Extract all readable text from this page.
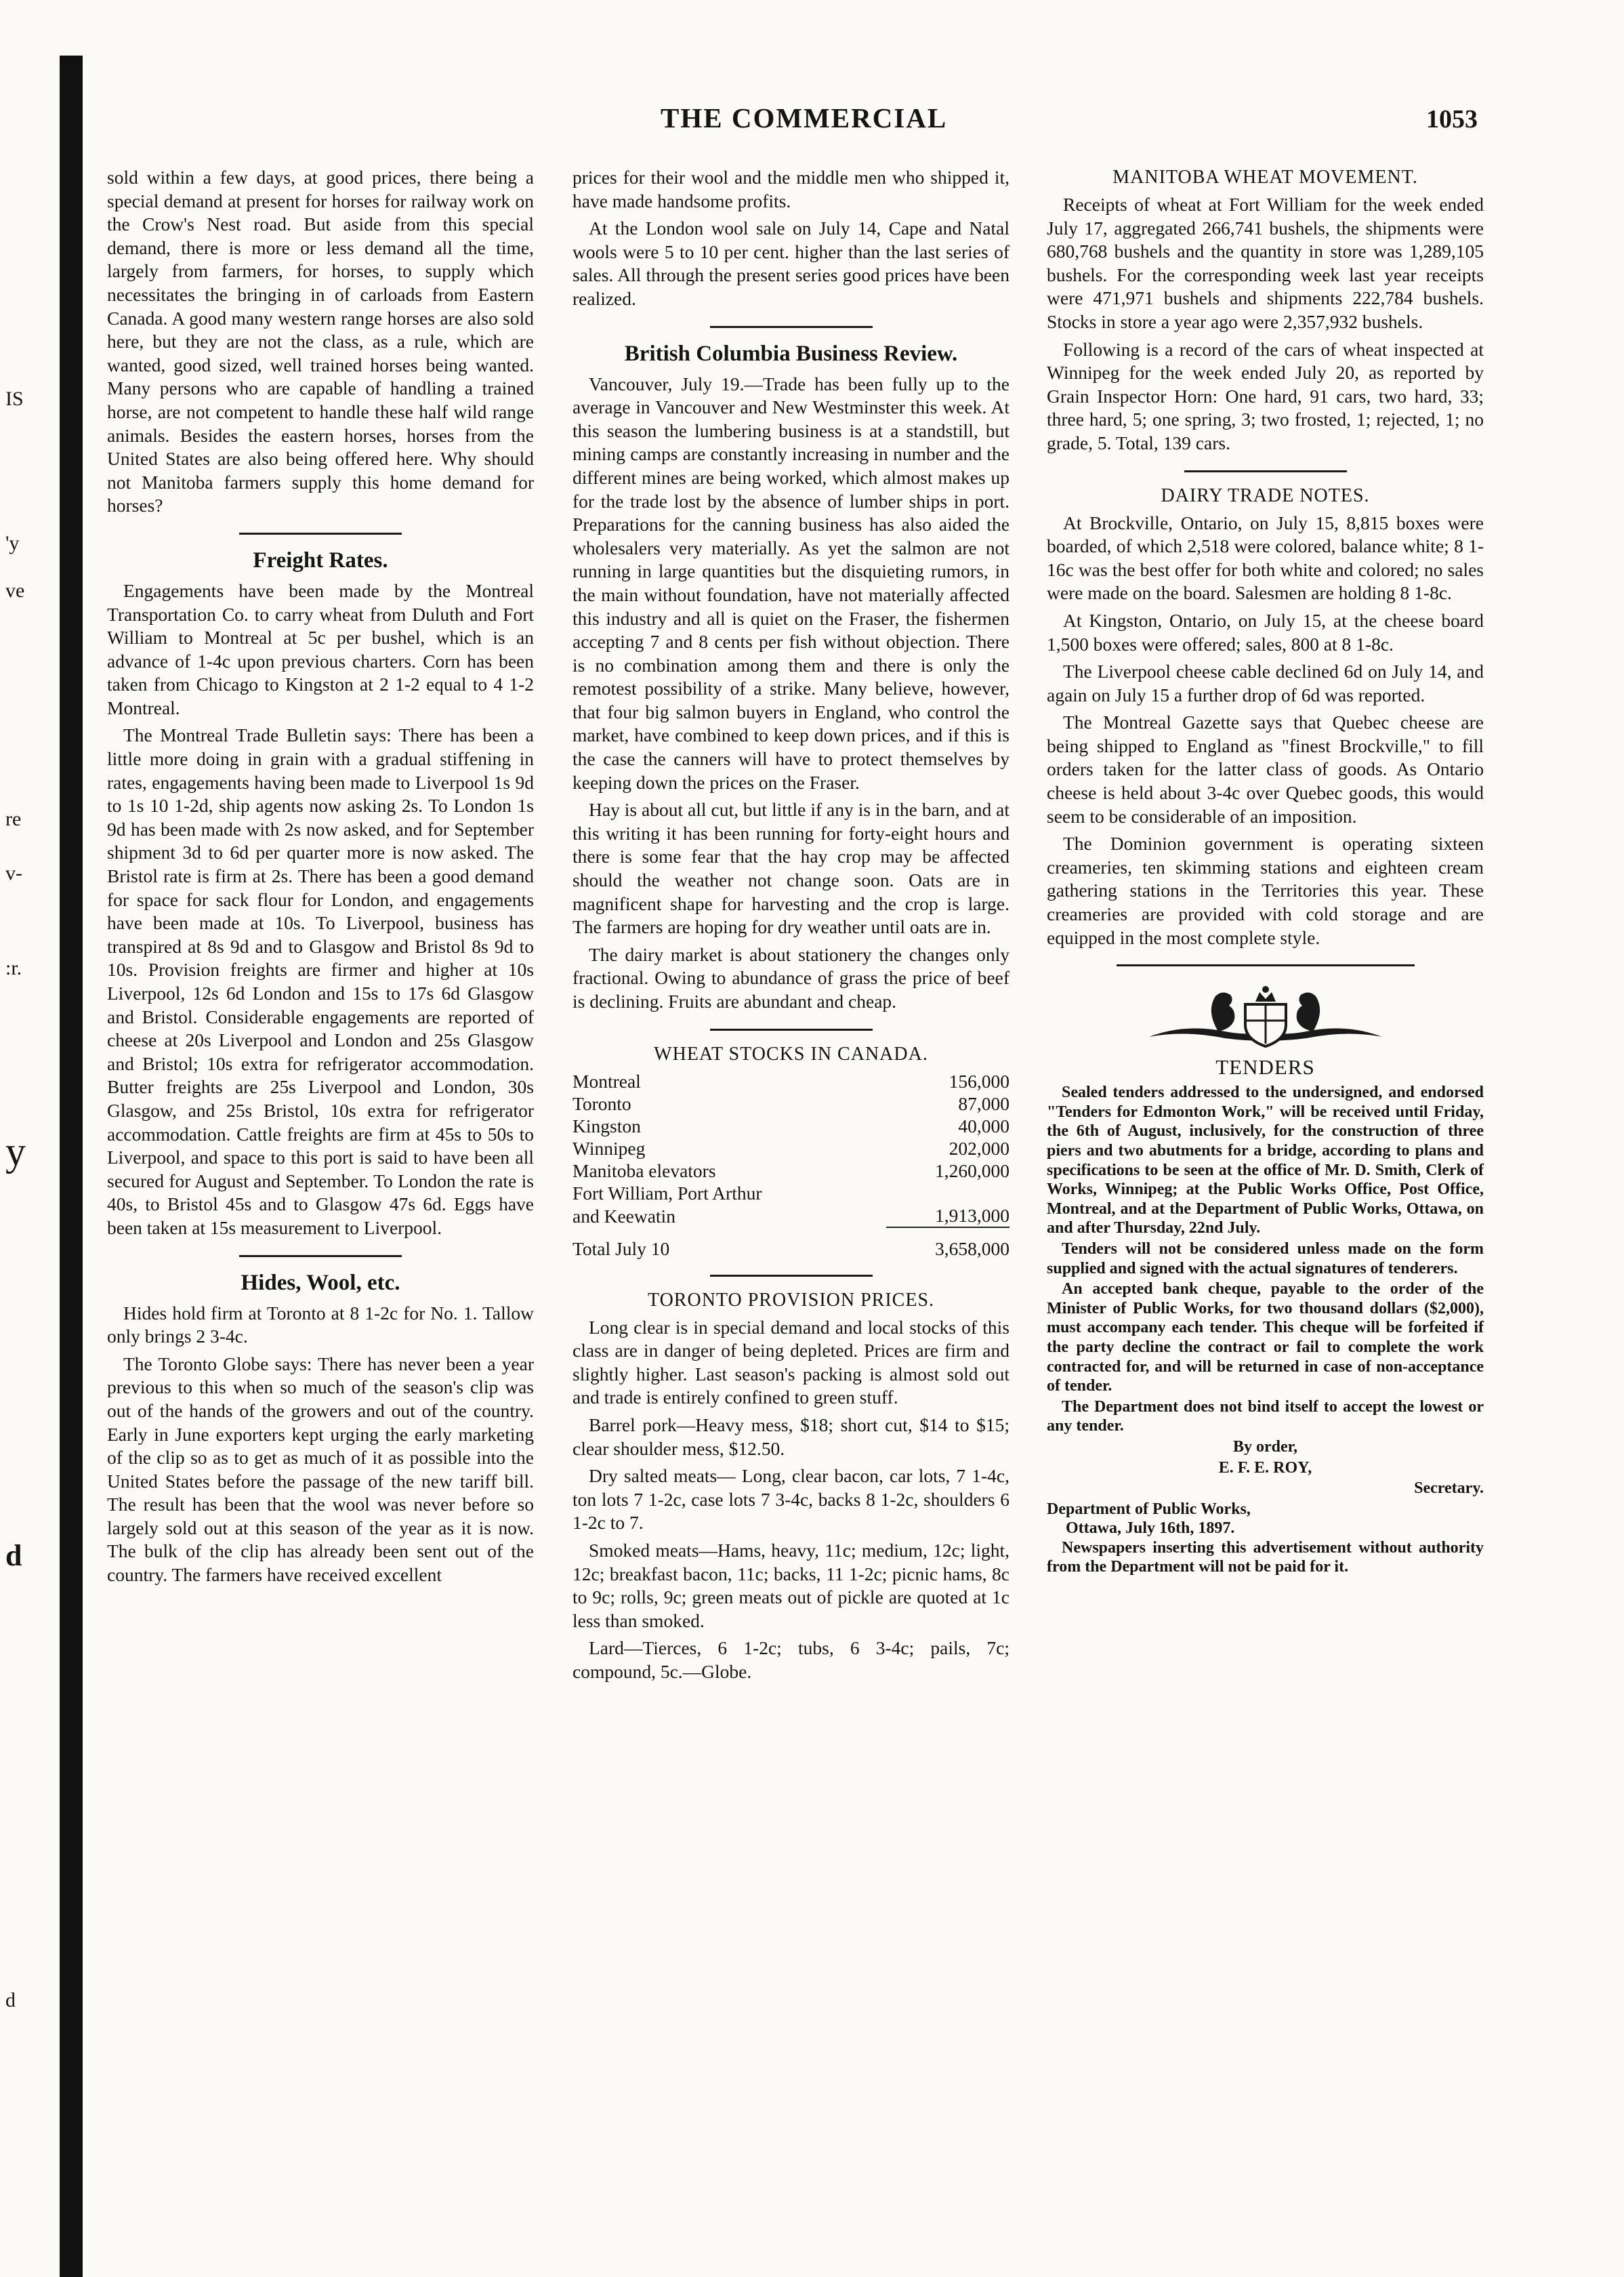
IS
'y
ve
re
v-
:r.
y
d
d
THE COMMERCIAL	1053

sold within a few days, at good prices, there being a special demand at present for horses for railway work on the Crow's Nest road. But aside from this special demand, there is more or less demand all the time, largely from farmers, for horses, to supply which necessitates the bringing in of carloads from Eastern Canada. A good many western range horses are also sold here, but they are not the class, as a rule, which are wanted, good sized, well trained horses being wanted. Many persons who are capable of handling a trained horse, are not competent to handle these half wild range animals. Besides the eastern horses, horses from the United States are also being offered here. Why should not Manitoba farmers supply this home demand for horses?

Freight Rates.

Engagements have been made by the Montreal Transportation Co. to carry wheat from Duluth and Fort William to Montreal at 5c per bushel, which is an advance of 1-4c upon previous charters. Corn has been taken from Chicago to Kingston at 2 1-2 equal to 4 1-2 Montreal.

The Montreal Trade Bulletin says: There has been a little more doing in grain with a gradual stiffening in rates, engagements having been made to Liverpool 1s 9d to 1s 10 1-2d, ship agents now asking 2s. To London 1s 9d has been made with 2s now asked, and for September shipment 3d to 6d per quarter more is now asked. The Bristol rate is firm at 2s. There has been a good demand for space for sack flour for London, and engagements have been made at 10s. To Liverpool, business has transpired at 8s 9d and to Glasgow and Bristol 8s 9d to 10s. Provision freights are firmer and higher at 10s Liverpool, 12s 6d London and 15s to 17s 6d Glasgow and Bristol. Considerable engagements are reported of cheese at 20s Liverpool and London and 25s Glasgow and Bristol; 10s extra for refrigerator accommodation. Butter freights are 25s Liverpool and London, 30s Glasgow, and 25s Bristol, 10s extra for refrigerator accommodation. Cattle freights are firm at 45s to 50s to Liverpool, and space to this port is said to have been all secured for August and September. To London the rate is 40s, to Bristol 45s and to Glasgow 47s 6d. Eggs have been taken at 15s measurement to Liverpool.

Hides, Wool, etc.

Hides hold firm at Toronto at 8 1-2c for No. 1. Tallow only brings 2 3-4c.

The Toronto Globe says: There has never been a year previous to this when so much of the season's clip was out of the hands of the growers and out of the country. Early in June exporters kept urging the early marketing of the clip so as to get as much of it as possible into the United States before the passage of the new tariff bill. The result has been that the wool was never before so largely sold out at this season of the year as it is now. The bulk of the clip has already been sent out of the country. The farmers have received excellent

prices for their wool and the middle men who shipped it, have made handsome profits.

At the London wool sale on July 14, Cape and Natal wools were 5 to 10 per cent. higher than the last series of sales. All through the present series good prices have been realized.

British Columbia Business Review.

Vancouver, July 19.—Trade has been fully up to the average in Vancouver and New Westminster this week. At this season the lumbering business is at a standstill, but mining camps are constantly increasing in number and the different mines are being worked, which almost makes up for the trade lost by the absence of lumber ships in port. Preparations for the canning business has also aided the wholesalers very materially. As yet the salmon are not running in large quantities but the disquieting rumors, in the main without foundation, have not materially affected this industry and all is quiet on the Fraser, the fishermen accepting 7 and 8 cents per fish without objection. There is no combination among them and there is only the remotest possibility of a strike. Many believe, however, that four big salmon buyers in England, who control the market, have combined to keep down prices, and if this is the case the canners will have to protect themselves by keeping down the prices on the Fraser.

Hay is about all cut, but little if any is in the barn, and at this writing it has been running for forty-eight hours and there is some fear that the hay crop may be affected should the weather not change soon. Oats are in magnificent shape for harvesting and the crop is large. The farmers are hoping for dry weather until oats are in.

The dairy market is about stationery the changes only fractional. Owing to abundance of grass the price of beef is declining. Fruits are abundant and cheap.

WHEAT STOCKS IN CANADA.
Montreal	156,000
Toronto	87,000
Kingston	40,000
Winnipeg	202,000
Manitoba elevators	1,260,000
Fort William, Port Arthur	
and Keewatin	1,913,000
Total July 10	3,658,000
TORONTO PROVISION PRICES.

Long clear is in special demand and local stocks of this class are in danger of being depleted. Prices are firm and slightly higher. Last season's packing is almost sold out and trade is entirely confined to green stuff.

Barrel pork—Heavy mess, $18; short cut, $14 to $15; clear shoulder mess, $12.50.

Dry salted meats— Long, clear bacon, car lots, 7 1-4c, ton lots 7 1-2c, case lots 7 3-4c, backs 8 1-2c, shoulders 6 1-2c to 7.

Smoked meats—Hams, heavy, 11c; medium, 12c; light, 12c; breakfast bacon, 11c; backs, 11 1-2c; picnic hams, 8c to 9c; rolls, 9c; green meats out of pickle are quoted at 1c less than smoked.

Lard—Tierces, 6 1-2c; tubs, 6 3-4c; pails, 7c; compound, 5c.—Globe.

MANITOBA WHEAT MOVEMENT.

Receipts of wheat at Fort William for the week ended July 17, aggregated 266,741 bushels, the shipments were 680,768 bushels and the quantity in store was 1,289,105 bushels. For the corresponding week last year receipts were 471,971 bushels and shipments 222,784 bushels. Stocks in store a year ago were 2,357,932 bushels.

Following is a record of the cars of wheat inspected at Winnipeg for the week ended July 20, as reported by Grain Inspector Horn: One hard, 91 cars, two hard, 33; three hard, 5; one spring, 3; two frosted, 1; rejected, 1; no grade, 5. Total, 139 cars.

DAIRY TRADE NOTES.

At Brockville, Ontario, on July 15, 8,815 boxes were boarded, of which 2,518 were colored, balance white; 8 1-16c was the best offer for both white and colored; no sales were made on the board. Salesmen are holding 8 1-8c.

At Kingston, Ontario, on July 15, at the cheese board 1,500 boxes were offered; sales, 800 at 8 1-8c.

The Liverpool cheese cable declined 6d on July 14, and again on July 15 a further drop of 6d was reported.

The Montreal Gazette says that Quebec cheese are being shipped to England as "finest Brockville," to fill orders taken for the latter class of goods. As Ontario cheese is held about 3-4c over Quebec goods, this would seem to be considerable of an imposition.

The Dominion government is operating sixteen creameries, ten skimming stations and eighteen cream gathering stations in the Territories this year. These creameries are provided with cold storage and are equipped in the most complete style.

TENDERS

Sealed tenders addressed to the undersigned, and endorsed "Tenders for Edmonton Work," will be received until Friday, the 6th of August, inclusively, for the construction of three piers and two abutments for a bridge, according to plans and specifications to be seen at the office of Mr. D. Smith, Clerk of Works, Winnipeg; at the Public Works Office, Post Office, Montreal, and at the Department of Public Works, Ottawa, on and after Thursday, 22nd July.

Tenders will not be considered unless made on the form supplied and signed with the actual signatures of tenderers.

An accepted bank cheque, payable to the order of the Minister of Public Works, for two thousand dollars ($2,000), must accompany each tender. This cheque will be forfeited if the party decline the contract or fail to complete the work contracted for, and will be returned in case of non-acceptance of tender.

The Department does not bind itself to accept the lowest or any tender.

By order,
E. F. E. ROY,
Secretary.
Department of Public Works,
Ottawa, July 16th, 1897.

Newspapers inserting this advertisement without authority from the Department will not be paid for it.
